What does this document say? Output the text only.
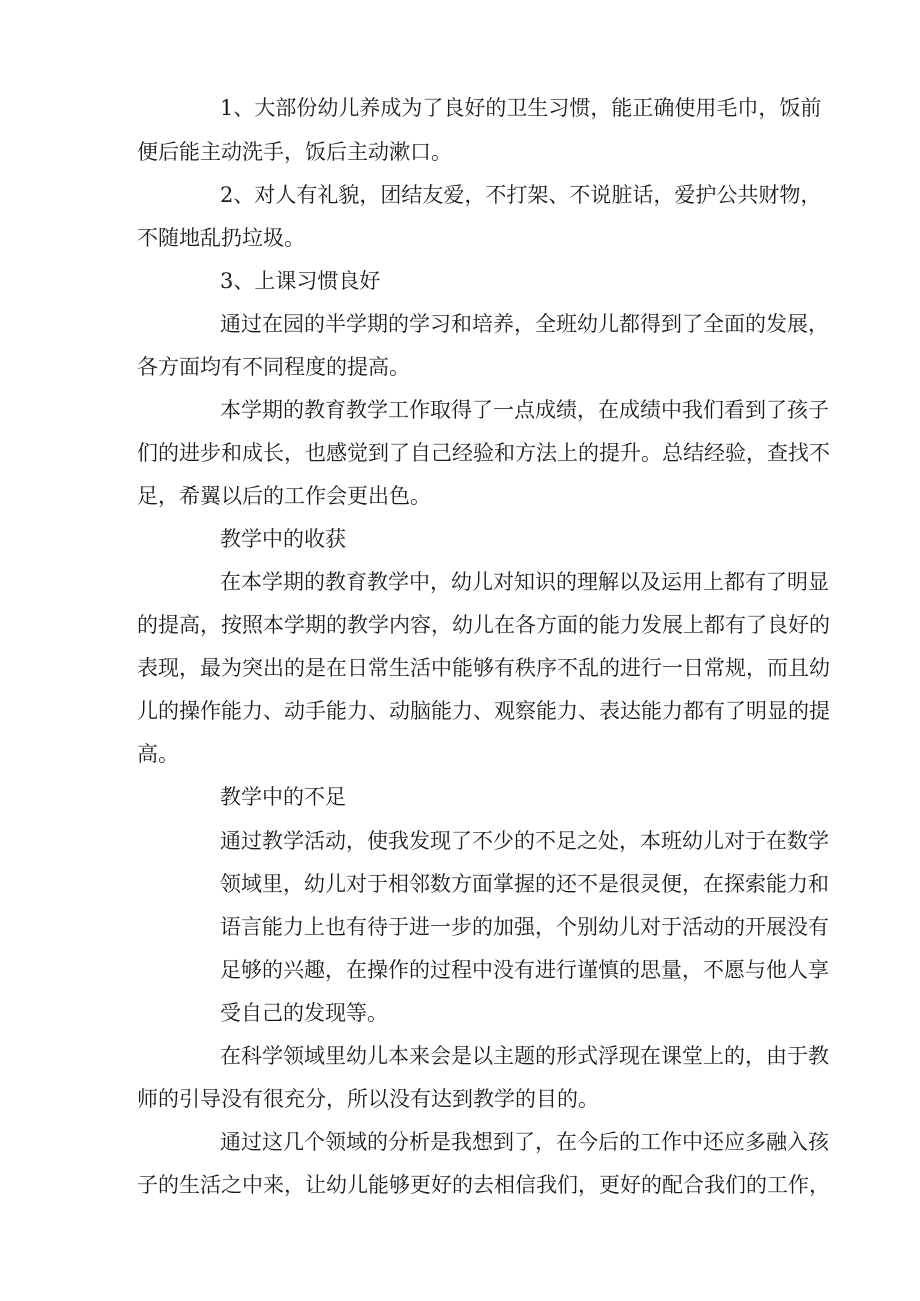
1、大部份幼儿养成为了良好的卫生习惯，能正确使用毛巾，饭前
便后能主动洗手，饭后主动漱口。
2、对人有礼貌，团结友爱，不打架、不说脏话，爱护公共财物，
不随地乱扔垃圾。
3、上课习惯良好
通过在园的半学期的学习和培养，全班幼儿都得到了全面的发展，
各方面均有不同程度的提高。
本学期的教育教学工作取得了一点成绩，在成绩中我们看到了孩子
们的进步和成长，也感觉到了自己经验和方法上的提升。总结经验，查找不
足，希翼以后的工作会更出色。
教学中的收获
在本学期的教育教学中，幼儿对知识的理解以及运用上都有了明显
的提高，按照本学期的教学内容，幼儿在各方面的能力发展上都有了良好的
表现，最为突出的是在日常生活中能够有秩序不乱的进行一日常规，而且幼
儿的操作能力、动手能力、动脑能力、观察能力、表达能力都有了明显的提
高。
教学中的不足
通过教学活动，使我发现了不少的不足之处，本班幼儿对于在数学
领域里，幼儿对于相邻数方面掌握的还不是很灵便，在探索能力和
语言能力上也有待于进一步的加强，个别幼儿对于活动的开展没有
足够的兴趣，在操作的过程中没有进行谨慎的思量，不愿与他人享
受自己的发现等。
在科学领域里幼儿本来会是以主题的形式浮现在课堂上的，由于教
师的引导没有很充分，所以没有达到教学的目的。
通过这几个领域的分析是我想到了，在今后的工作中还应多融入孩
子的生活之中来，让幼儿能够更好的去相信我们，更好的配合我们的工作，
